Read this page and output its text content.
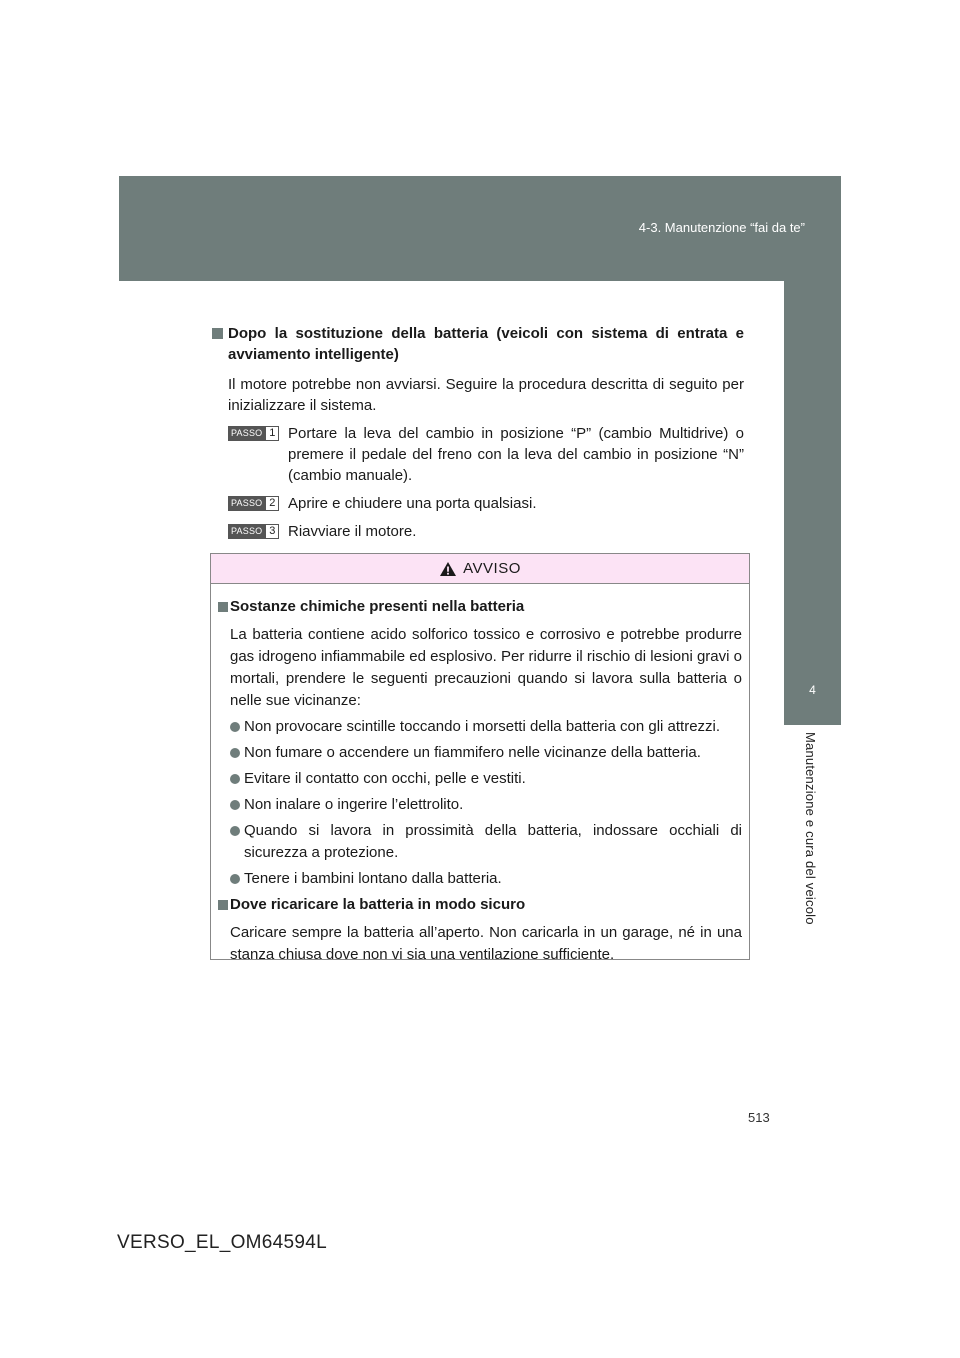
4-3. Manutenzione “fai da te”
4
Manutenzione e cura del veicolo
Dopo la sostituzione della batteria (veicoli con sistema di entrata e avviamento intelligente)
Il motore potrebbe non avviarsi. Seguire la procedura descritta di seguito per inizializzare il sistema.
PASSO 1 Portare la leva del cambio in posizione “P” (cambio Multidrive) o premere il pedale del freno con la leva del cambio in posizione “N” (cambio manuale).
PASSO 2 Aprire e chiudere una porta qualsiasi.
PASSO 3 Riavviare il motore.
AVVISO
Sostanze chimiche presenti nella batteria
La batteria contiene acido solforico tossico e corrosivo e potrebbe produrre gas idrogeno infiammabile ed esplosivo. Per ridurre il rischio di lesioni gravi o mortali, prendere le seguenti precauzioni quando si lavora sulla batteria o nelle sue vicinanze:
Non provocare scintille toccando i morsetti della batteria con gli attrezzi.
Non fumare o accendere un fiammifero nelle vicinanze della batteria.
Evitare il contatto con occhi, pelle e vestiti.
Non inalare o ingerire l’elettrolito.
Quando si lavora in prossimità della batteria, indossare occhiali di sicurezza a protezione.
Tenere i bambini lontano dalla batteria.
Dove ricaricare la batteria in modo sicuro
Caricare sempre la batteria all’aperto. Non caricarla in un garage, né in una stanza chiusa dove non vi sia una ventilazione sufficiente.
513
VERSO_EL_OM64594L
